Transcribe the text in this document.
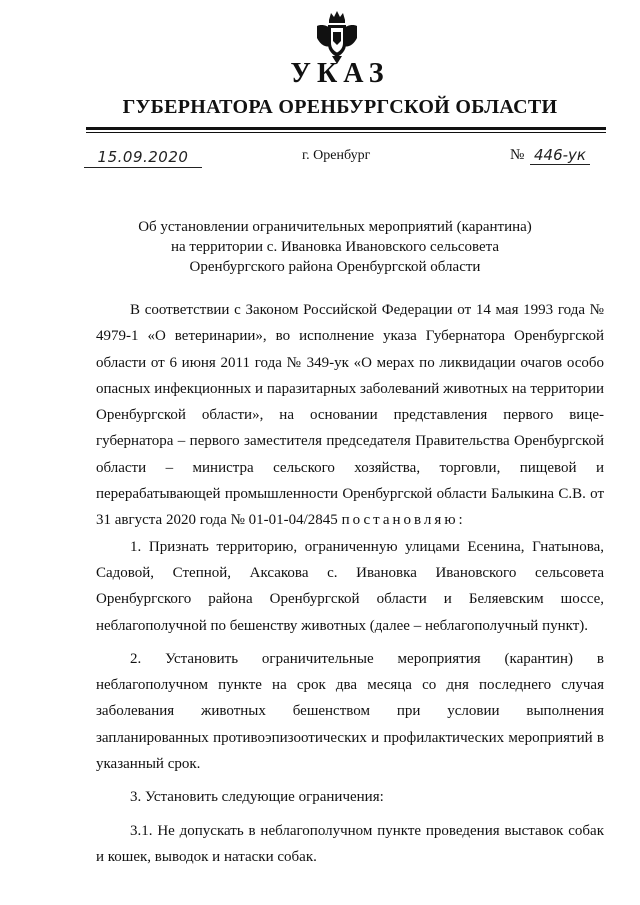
УКАЗ
ГУБЕРНАТОРА ОРЕНБУРГСКОЙ ОБЛАСТИ
15.09.2020	г. Оренбург	№ 446-ук
Об установлении ограничительных мероприятий (карантина)
на территории с. Ивановка Ивановского сельсовета
Оренбургского района Оренбургской области

В соответствии с Законом Российской Федерации от 14 мая 1993 года № 4979-1 «О ветеринарии», во исполнение указа Губернатора Оренбургской области от 6 июня 2011 года № 349-ук «О мерах по ликвидации очагов особо опасных инфекционных и паразитарных заболеваний животных на территории Оренбургской области», на основании представления первого вице-губернатора – первого заместителя председателя Правительства Оренбургской области – министра сельского хозяйства, торговли, пищевой и перерабатывающей промышленности Оренбургской области Балыкина С.В. от 31 августа 2020 года № 01-01-04/2845 постановляю:

1. Признать территорию, ограниченную улицами Есенина, Гнатынова, Садовой, Степной, Аксакова с. Ивановка Ивановского сельсовета Оренбургского района Оренбургской области и Беляевским шоссе, неблагополучной по бешенству животных (далее – неблагополучный пункт).

2. Установить ограничительные мероприятия (карантин) в неблагополучном пункте на срок два месяца со дня последнего случая заболевания животных бешенством при условии выполнения запланированных противоэпизоотических и профилактических мероприятий в указанный срок.

3. Установить следующие ограничения:

3.1. Не допускать в неблагополучном пункте проведения выставок собак и кошек, выводок и натаски собак.
